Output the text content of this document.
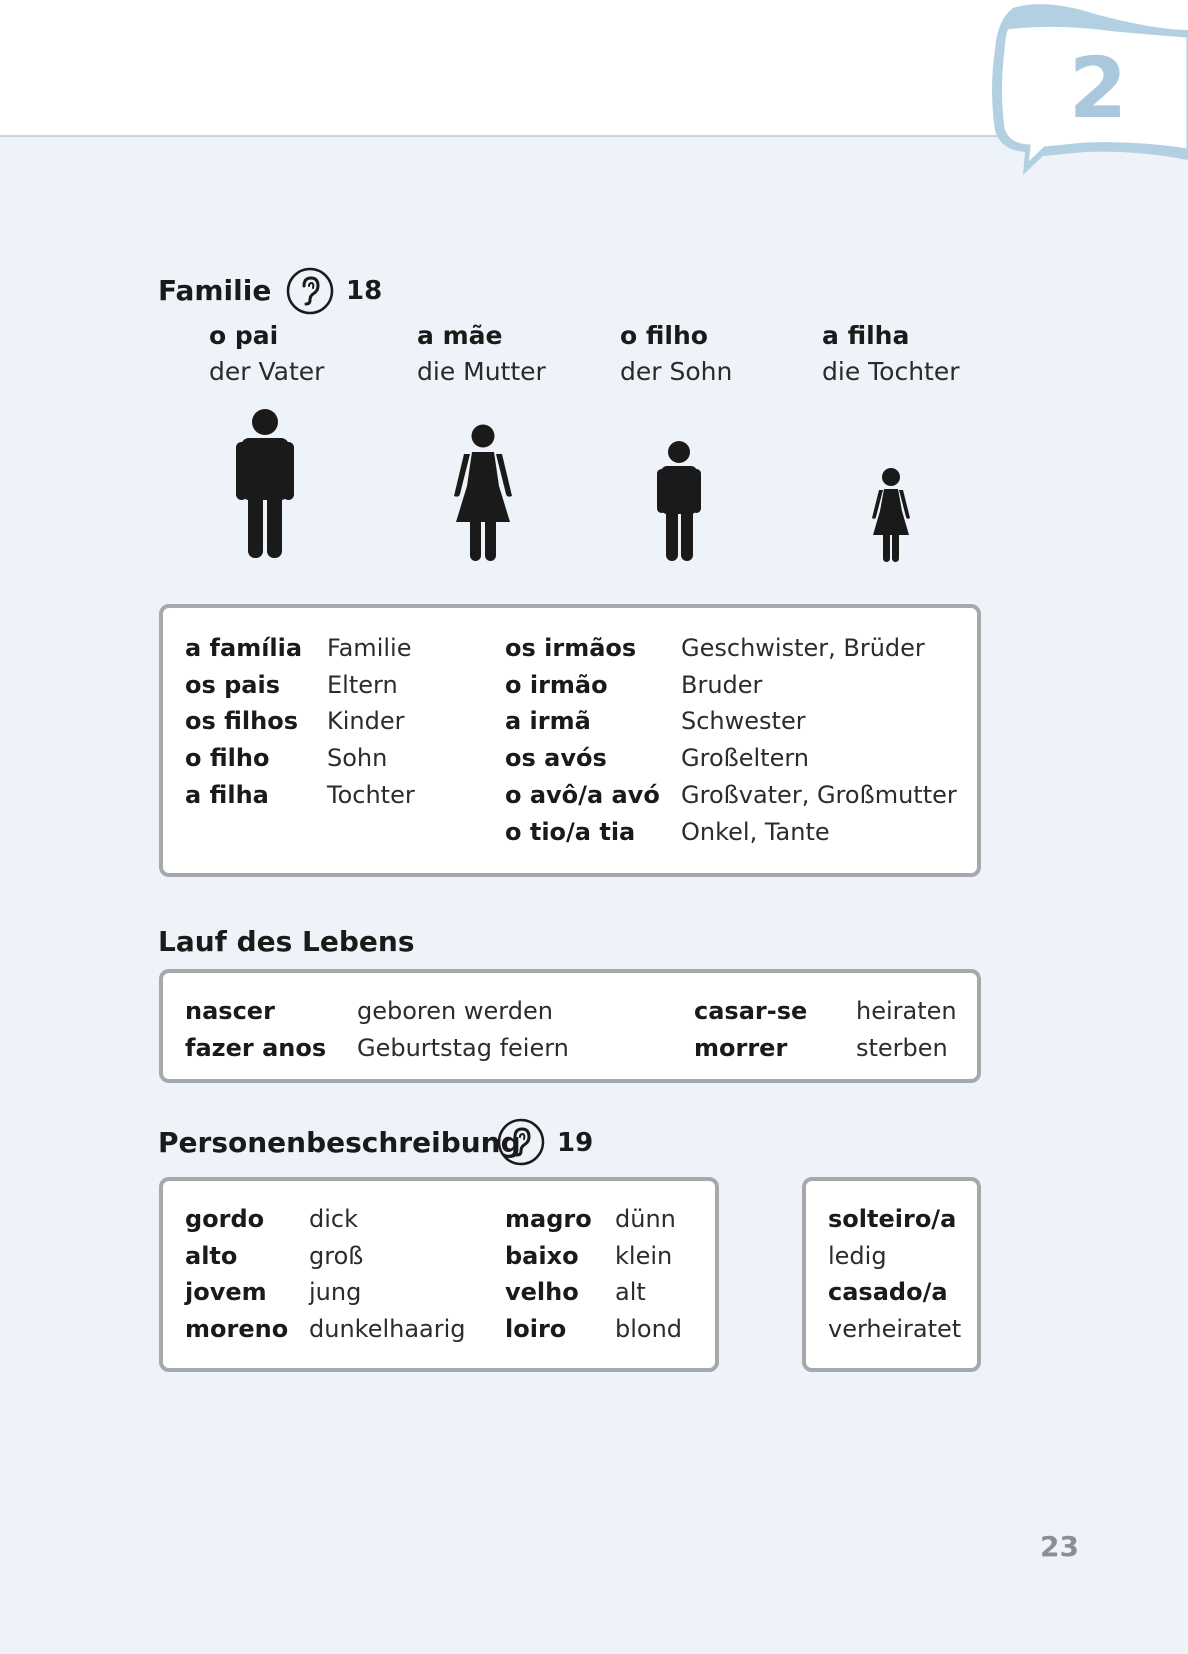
2
Familie	18
o pai
der Vater
a mãe
die Mutter
o filho
der Sohn
a filha
die Tochter
a família
os pais
os filhos
o filho
a filha
Familie
Eltern
Kinder
Sohn
Tochter
os irmãos
o irmão
a irmã
os avós
o avô/a avó
o tio/a tia
Geschwister, Brüder
Bruder
Schwester
Großeltern
Großvater, Großmutter
Onkel, Tante
Lauf des Lebens
nascer
fazer anos
geboren werden
Geburtstag feiern
casar-se
morrer
heiraten
sterben
Personenbeschreibung 19
gordo
alto
jovem
moreno
dick
groß
jung
dunkelhaarig
magro
baixo
velho
loiro
dünn
klein
alt
blond
solteiro/a
ledig
casado/a
verheiratet
23
